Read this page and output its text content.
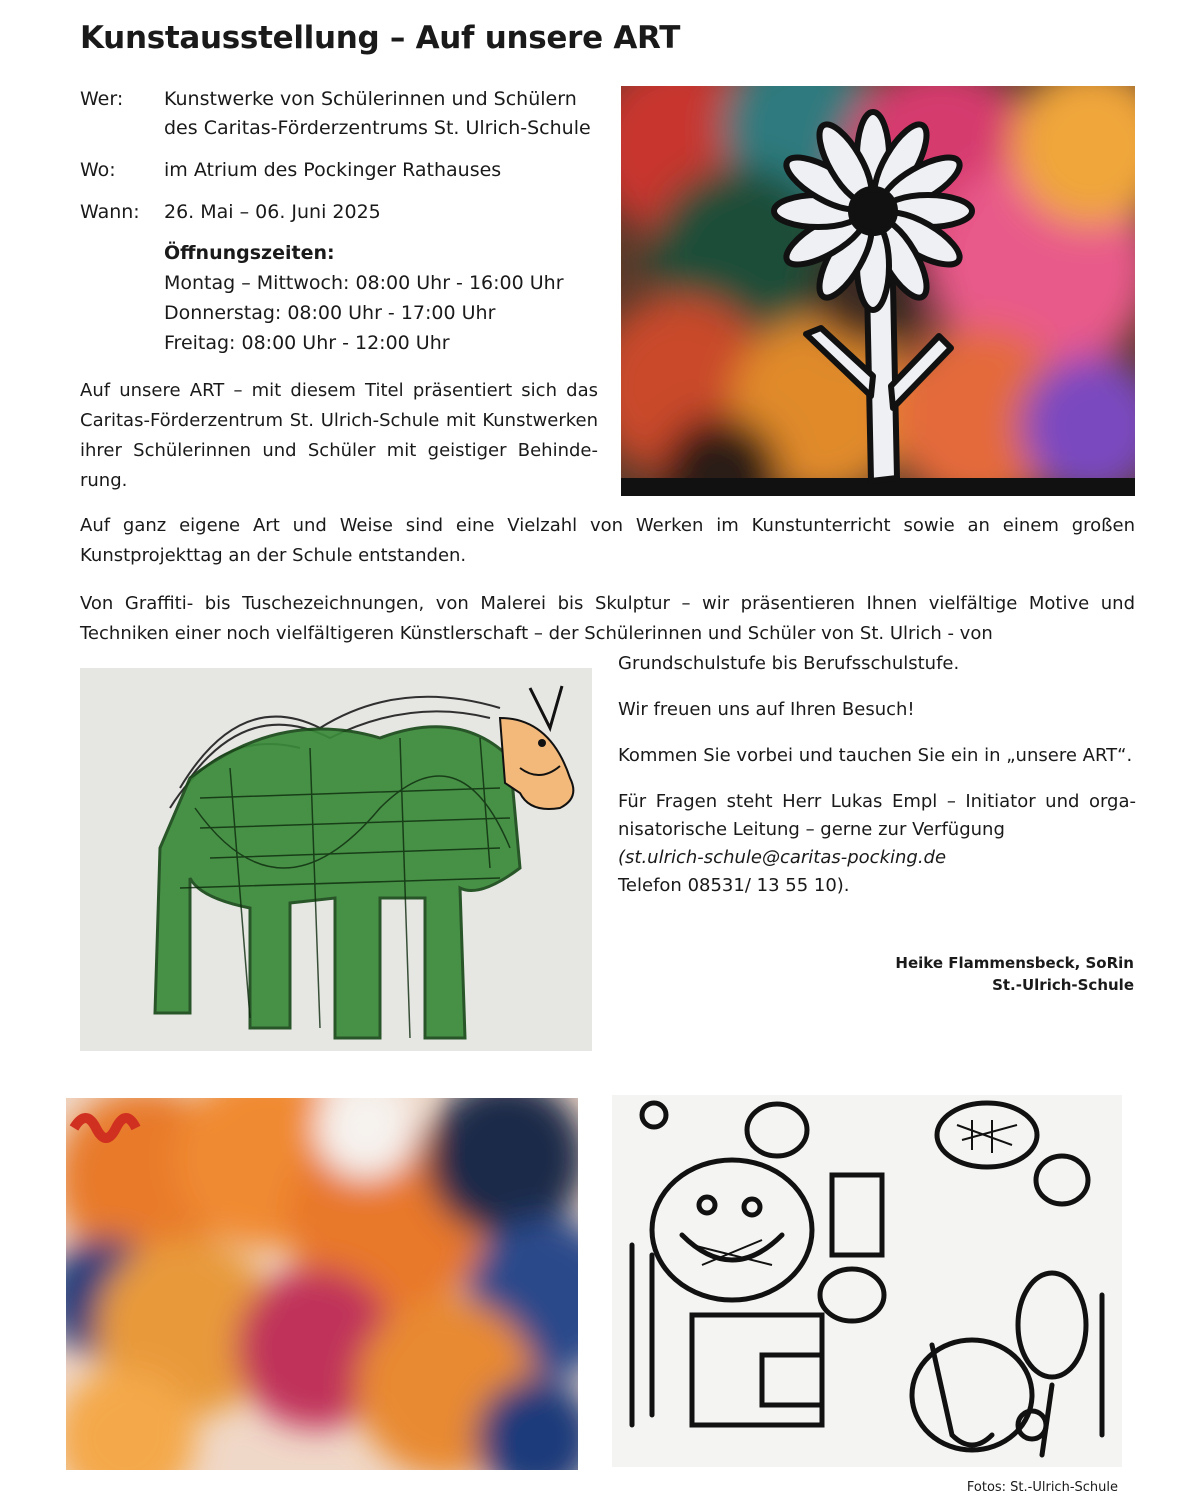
Kunstausstellung – Auf unsere ART
Wer:	Kunstwerke von Schülerinnen und Schülern
des Caritas-Förderzentrums St. Ulrich-Schule
Wo:	im Atrium des Pockinger Rathauses
Wann:	26. Mai – 06. Juni 2025
Öffnungszeiten:
Montag – Mittwoch: 08:00 Uhr - 16:00 Uhr
Donnerstag: 08:00 Uhr - 17:00 Uhr
Freitag: 08:00 Uhr - 12:00 Uhr
Auf unsere ART – mit diesem Titel präsentiert sich das Caritas-Förderzentrum St. Ulrich-Schule mit Kunstwerken ihrer Schülerinnen und Schüler mit geistiger Behinde-rung.
Auf ganz eigene Art und Weise sind eine Vielzahl von Werken im Kunstunterricht sowie an einem großen Kunstprojekttag an der Schule entstanden.
Von Graffiti- bis Tuschezeichnungen, von Malerei bis Skulptur – wir präsentieren Ihnen vielfältige Motive und Techniken einer noch vielfältigeren Künstlerschaft – der Schülerinnen und Schüler von St. Ulrich - von

Grundschulstufe bis Berufsschulstufe.

Wir freuen uns auf Ihren Besuch!

Kommen Sie vorbei und tauchen Sie ein in „unsere ART“.

Für Fragen steht Herr Lukas Empl – Initiator und orga-nisatorische Leitung – gerne zur Verfügung

(st.ulrich-schule@caritas-pocking.de

Telefon 08531/ 13 55 10).

Heike Flammensbeck, SoRin
St.-Ulrich-Schule
Fotos: St.-Ulrich-Schule
